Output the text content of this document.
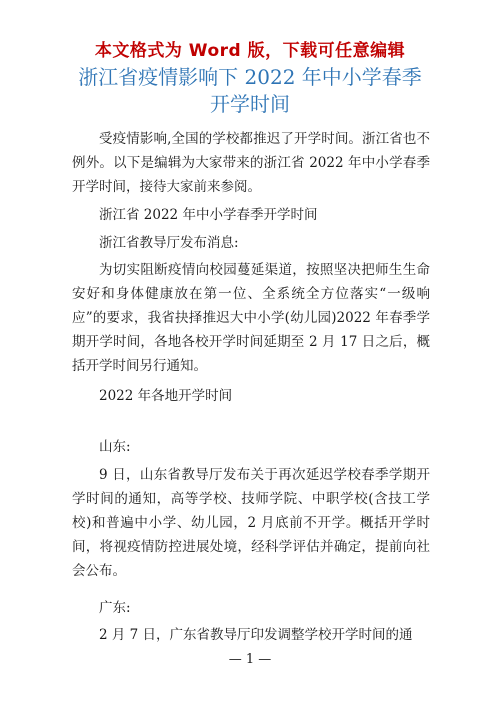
本文格式为 Word 版，下载可任意编辑
浙江省疫情影响下 2022 年中小学春季开学时间

受疫情影响,全国的学校都推迟了开学时间。浙江省也不例外。以下是编辑为大家带来的浙江省 2022 年中小学春季开学时间，接待大家前来参阅。

浙江省 2022 年中小学春季开学时间

浙江省教导厅发布消息:

为切实阻断疫情向校园蔓延渠道，按照坚决把师生生命安好和身体健康放在第一位、全系统全方位落实“一级响应”的要求，我省抉择推迟大中小学(幼儿园)2022 年春季学期开学时间，各地各校开学时间延期至 2 月 17 日之后，概括开学时间另行通知。

2022 年各地开学时间

山东:

9 日，山东省教导厅发布关于再次延迟学校春季学期开学时间的通知，高等学校、技师学院、中职学校(含技工学校)和普遍中小学、幼儿园，2 月底前不开学。概括开学时间，将视疫情防控进展处境，经科学评估并确定，提前向社会公布。

广东:

2 月 7 日，广东省教导厅印发调整学校开学时间的通

— 1 —
